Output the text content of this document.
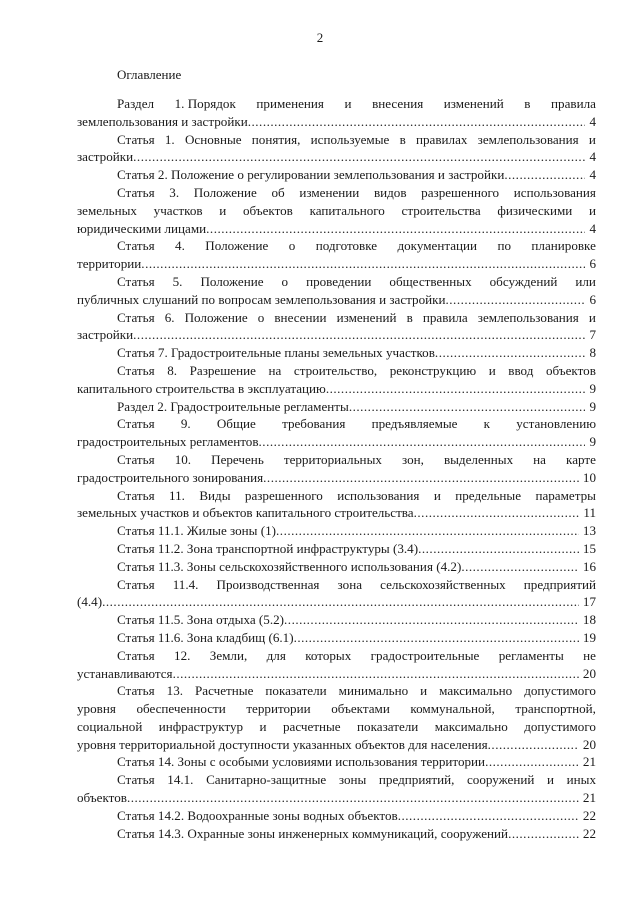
2
Оглавление
Раздел 1. Порядок применения и внесения изменений в правила
землепользования и застройки .....	4
Статья 1. Основные понятия, используемые в правилах землепользования и
застройки .....	4
Статья 2. Положение о регулировании землепользования и застройки .....	4
Статья 3. Положение об изменении видов разрешенного использования
земельных участков и объектов капитального строительства физическими и
юридическими лицами .....	4
Статья 4. Положение о подготовке документации по планировке
территории .....	6
Статья 5. Положение о проведении общественных обсуждений или
публичных слушаний по вопросам землепользования и застройки .....	6
Статья 6. Положение о внесении изменений в правила землепользования и
застройки .....	7
Статья 7. Градостроительные планы земельных участков .....	8
Статья 8. Разрешение на строительство, реконструкцию и ввод объектов
капитального строительства в эксплуатацию .....	9
Раздел 2. Градостроительные регламенты .....	9
Статья 9. Общие требования предъявляемые к установлению
градостроительных регламентов .....	9
Статья 10. Перечень территориальных зон, выделенных на карте
градостроительного зонирования .....	10
Статья 11. Виды разрешенного использования и предельные параметры
земельных участков и объектов капитального строительства .....	11
Статья 11.1. Жилые зоны (1) .....	13
Статья 11.2. Зона транспортной инфраструктуры (3.4) .....	15
Статья 11.3. Зоны сельскохозяйственного использования (4.2) .....	16
Статья 11.4. Производственная зона сельскохозяйственных предприятий
(4.4) .....	17
Статья 11.5. Зона отдыха (5.2) .....	18
Статья 11.6. Зона кладбищ (6.1) .....	19
Статья 12. Земли, для которых градостроительные регламенты не
устанавливаются .....	20
Статья 13. Расчетные показатели минимально и максимально допустимого
уровня обеспеченности территории объектами коммунальной, транспортной,
социальной инфраструктур и расчетные показатели максимально допустимого
уровня территориальной доступности указанных объектов для населения .....	20
Статья 14. Зоны с особыми условиями использования территории .....	21
Статья 14.1. Санитарно-защитные зоны предприятий, сооружений и иных
объектов .....	21
Статья 14.2. Водоохранные зоны водных объектов .....	22
Статья 14.3. Охранные зоны инженерных коммуникаций, сооружений .....	22
